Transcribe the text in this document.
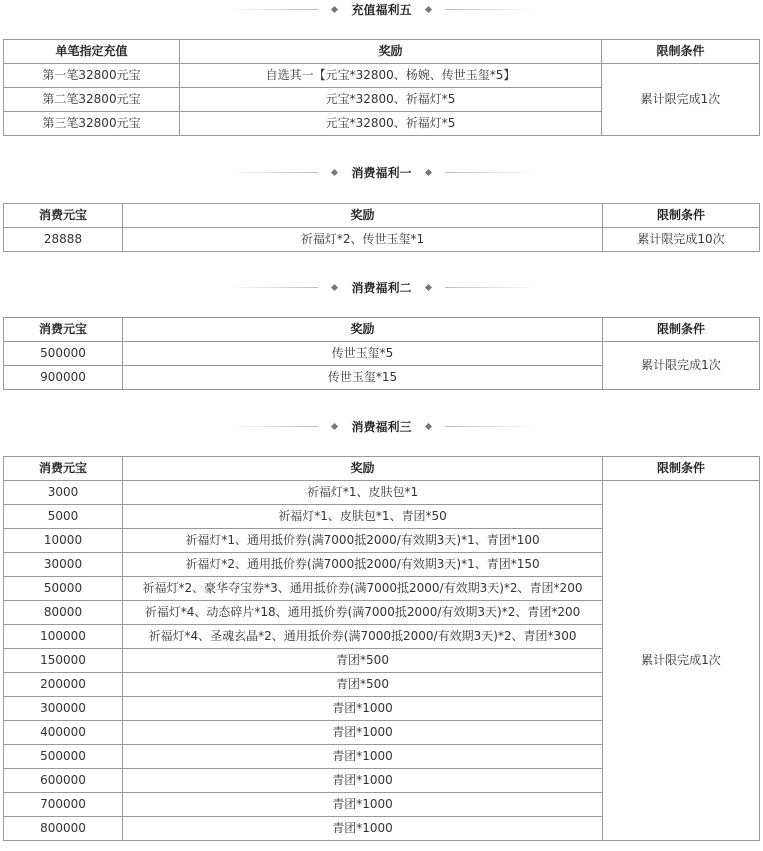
充值福利五
单笔指定充值	奖励	限制条件
第一笔32800元宝	自选其一【元宝*32800、杨婉、传世玉玺*5】	累计限完成1次
第二笔32800元宝	元宝*32800、祈福灯*5	
第三笔32800元宝	元宝*32800、祈福灯*5	
消费福利一
消费元宝	奖励	限制条件
28888	祈福灯*2、传世玉玺*1	累计限完成10次
消费福利二
消费元宝	奖励	限制条件
500000	传世玉玺*5	累计限完成1次
900000	传世玉玺*15	
消费福利三
消费元宝	奖励	限制条件
3000	祈福灯*1、皮肤包*1	累计限完成1次
5000	祈福灯*1、皮肤包*1、青团*50	
10000	祈福灯*1、通用抵价券(满7000抵2000/有效期3天)*1、青团*100	
30000	祈福灯*2、通用抵价券(满7000抵2000/有效期3天)*1、青团*150	
50000	祈福灯*2、豪华夺宝券*3、通用抵价券(满7000抵2000/有效期3天)*2、青团*200	
80000	祈福灯*4、动态碎片*18、通用抵价券(满7000抵2000/有效期3天)*2、青团*200	
100000	祈福灯*4、圣魂玄晶*2、通用抵价券(满7000抵2000/有效期3天)*2、青团*300	
150000	青团*500	
200000	青团*500	
300000	青团*1000	
400000	青团*1000	
500000	青团*1000	
600000	青团*1000	
700000	青团*1000	
800000	青团*1000	
